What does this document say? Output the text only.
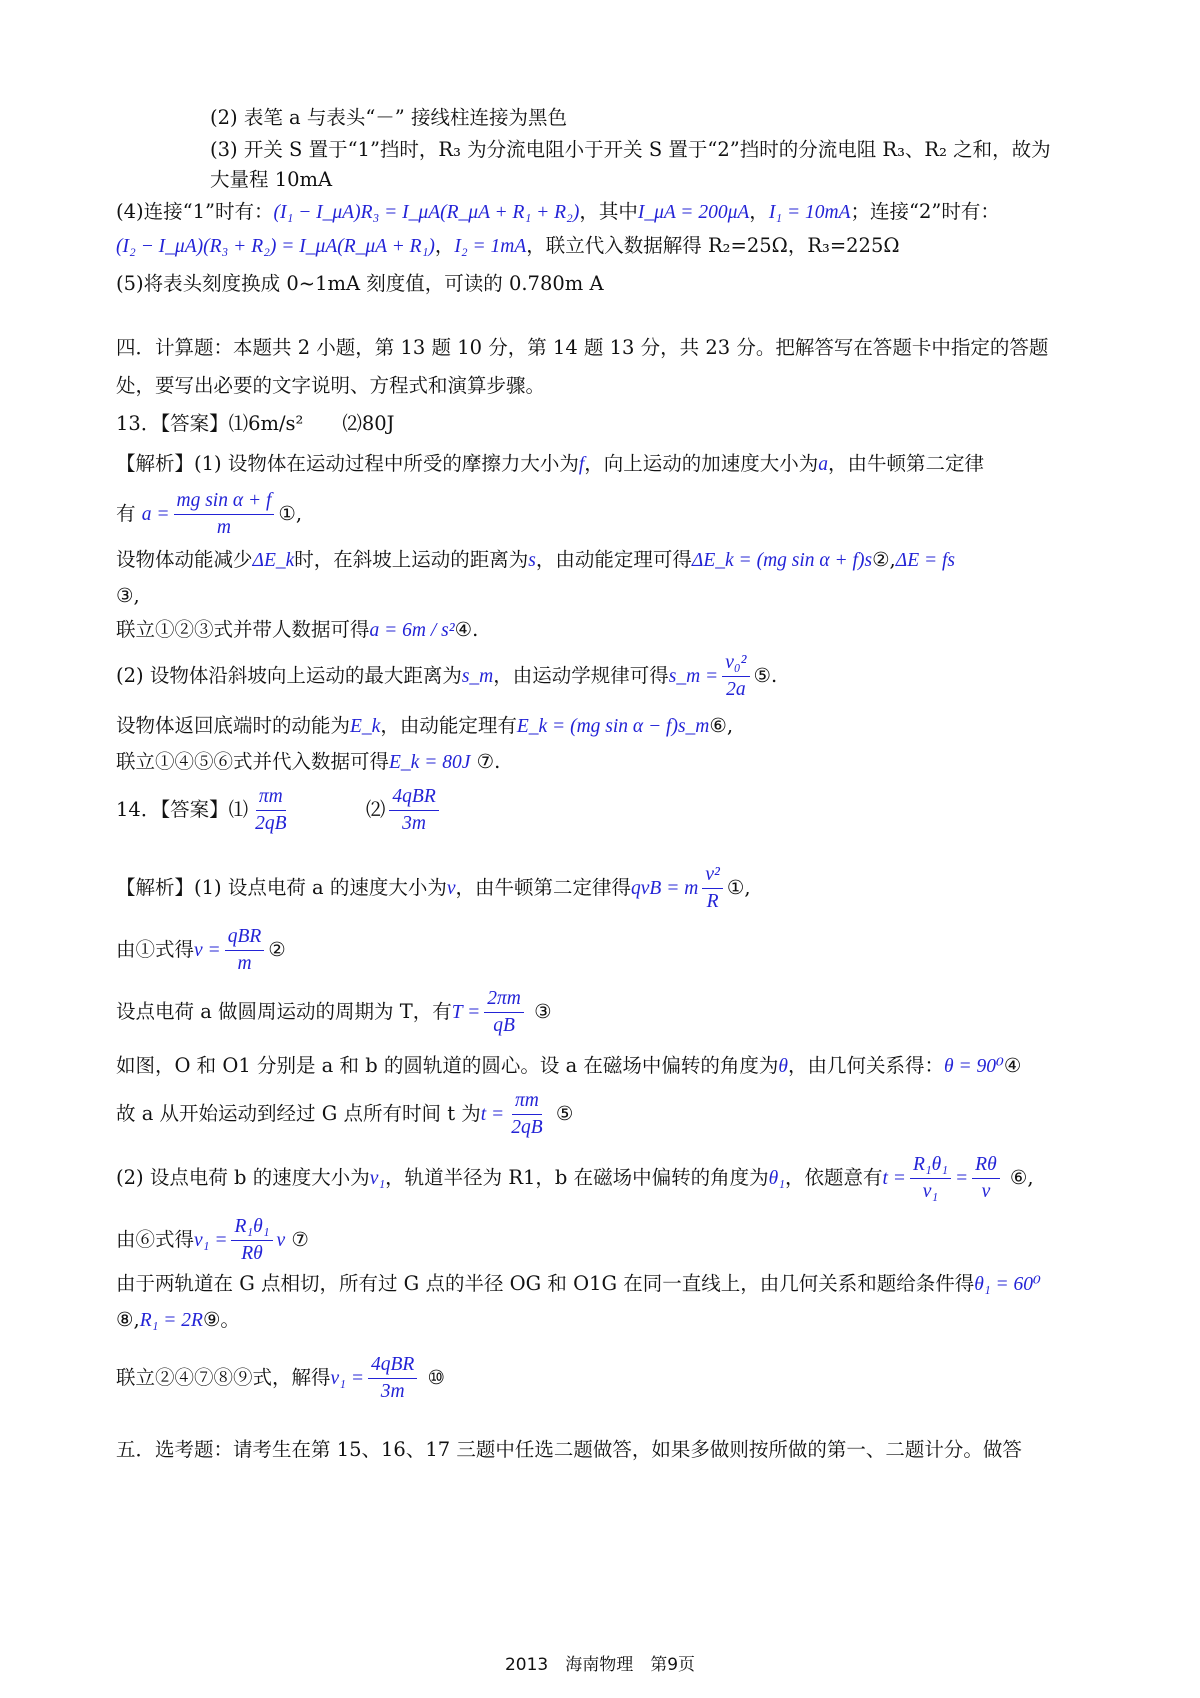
(2) 表笔 a 与表头“－” 接线柱连接为黑色
(3) 开关 S 置于“1”挡时，R₃ 为分流电阻小于开关 S 置于“2”挡时的分流电阻 R₃、R₂ 之和，故为
大量程 10mA
(4)连接“1”时有：(I₁ − I_μA)R₃ = I_μA(R_μA + R₁ + R₂)，其中I_μA = 200μA，I₁ = 10mA；连接“2”时有：
(I₂ − I_μA)(R₃ + R₂) = I_μA(R_μA + R₁)，I₂ = 1mA，联立代入数据解得 R₂=25Ω，R₃=225Ω
(5)将表头刻度换成 0~1mA 刻度值，可读的 0.780m A
四．计算题：本题共 2 小题，第 13 题 10 分，第 14 题 13 分，共 23 分。把解答写在答题卡中指定的答题
处，要写出必要的文字说明、方程式和演算步骤。
13．【答案】⑴6m/s²　　⑵80J
【解析】(1) 设物体在运动过程中所受的摩擦力大小为f，向上运动的加速度大小为a，由牛顿第二定律
有 $a = \frac{\text{mg sin α + f}}{m}$ ①,
设物体动能减少ΔE_k时，在斜坡上运动的距离为s，由动能定理可得ΔE_k = (mg sin α + f)s②,ΔE = fs
③,
联立①②③式并带人数据可得a = 6m / s²④.
(2) 设物体沿斜坡向上运动的最大距离为s_m，由运动学规律可得s_m = $\frac{\text{v₀²}}{2a}$ ⑤.
设物体返回底端时的动能为E_k，由动能定理有E_k = (mg sin α − f)s_m⑥,
联立①④⑤⑥式并代入数据可得E_k = 80J ⑦.
14．【答案】⑴ $\frac{\pi m}{2qB}$	⑵ $\frac{\text{4qBR}}{3m}$
【解析】(1) 设点电荷 a 的速度大小为v，由牛顿第二定律得qvB = m $\frac{\text{v²}}{R}$ ①,
由①式得$v = \frac{\text{qBR}}{m}$ ②
设点电荷 a 做圆周运动的周期为 T，有$T = \frac{2\pi m}{qB}$ ③
如图，O 和 O1 分别是 a 和 b 的圆轨道的圆心。设 a 在磁场中偏转的角度为θ，由几何关系得：θ = 90⁰④
故 a 从开始运动到经过 G 点所有时间 t 为$t = \frac{\pi m}{2qB}$ ⑤
(2) 设点电荷 b 的速度大小为v₁，轨道半径为 R1，b 在磁场中偏转的角度为θ₁，依题意有$t = \frac{\text{R₁θ₁}}{\text{v₁}} = \frac{R\theta}{v}$ ⑥,
由⑥式得$v_1 = \frac{\text{R₁θ₁}}{R\theta}$ v ⑦
由于两轨道在 G 点相切，所有过 G 点的半径 OG 和 O1G 在同一直线上，由几何关系和题给条件得θ₁ = 60⁰
⑧,R₁ = 2R⑨。
联立②④⑦⑧⑨式，解得$v_1 = \frac{\text{4qBR}}{3m}$ ⑩
五．选考题：请考生在第 15、16、17 三题中任选二题做答，如果多做则按所做的第一、二题计分。做答
2013　海南物理　第9页
